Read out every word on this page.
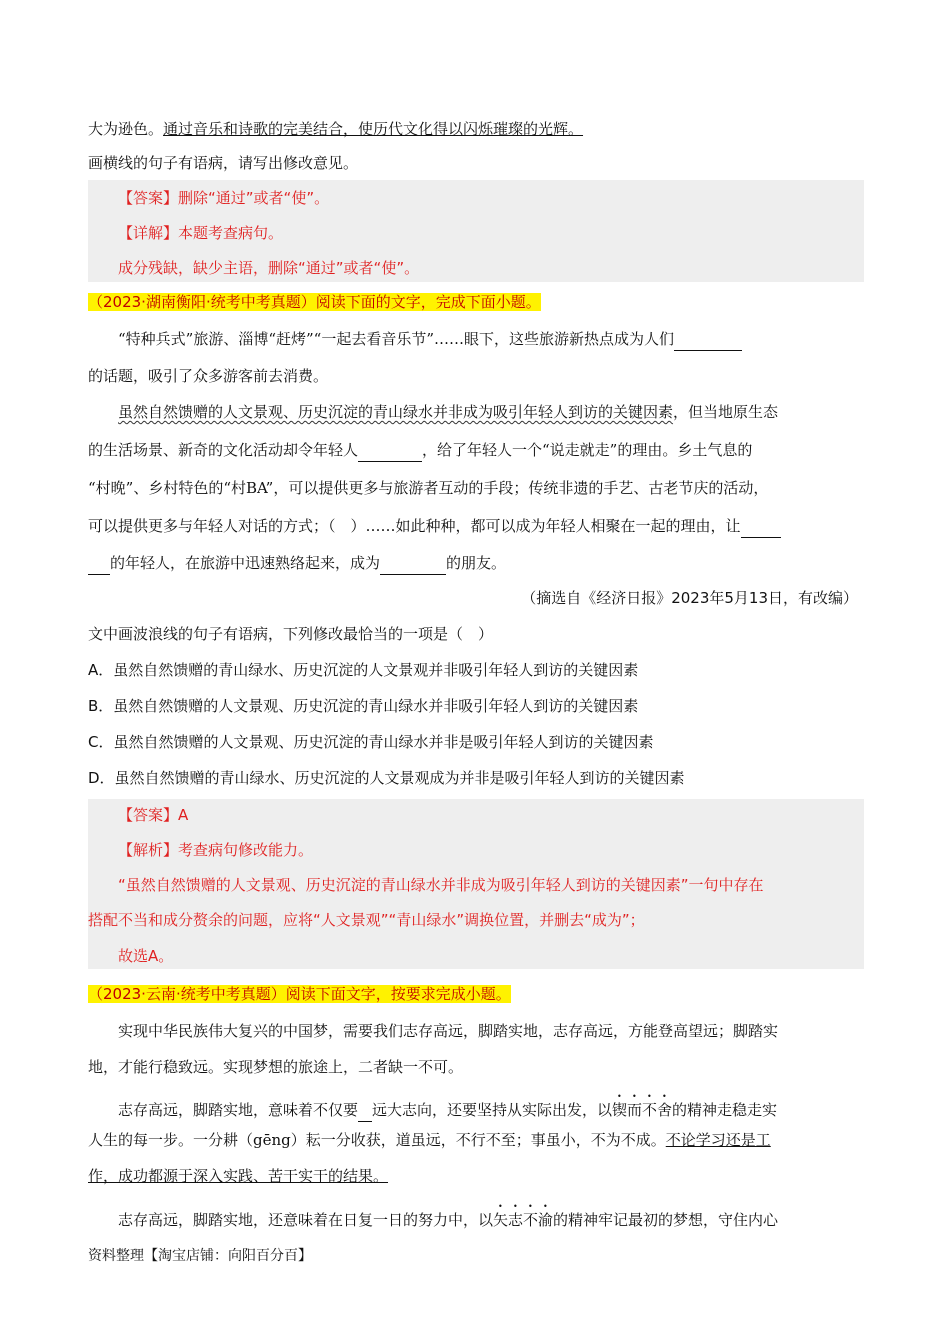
大为逊色。通过音乐和诗歌的完美结合，使历代文化得以闪烁璀璨的光辉。
画横线的句子有语病，请写出修改意见。
【答案】删除“通过”或者“使”。
【详解】本题考查病句。
成分残缺，缺少主语，删除“通过”或者“使”。
（2023·湖南衡阳·统考中考真题）阅读下面的文字，完成下面小题。
“特种兵式”旅游、淄博“赶烤”“一起去看音乐节”……眼下，这些旅游新热点成为人们
的话题，吸引了众多游客前去消费。
虽然自然馈赠的人文景观、历史沉淀的青山绿水并非成为吸引年轻人到访的关键因素，但当地原生态
的生活场景、新奇的文化活动却令年轻人	，给了年轻人一个“说走就走”的理由。乡土气息的
“村晚”、乡村特色的“村BA”，可以提供更多与旅游者互动的手段；传统非遗的手艺、古老节庆的活动，
可以提供更多与年轻人对话的方式；（　）……如此种种，都可以成为年轻人相聚在一起的理由，让
的年轻人，在旅游中迅速熟络起来，成为	的朋友。
（摘选自《经济日报》2023年5月13日，有改编）
文中画波浪线的句子有语病，下列修改最恰当的一项是（　）
A．虽然自然馈赠的青山绿水、历史沉淀的人文景观并非吸引年轻人到访的关键因素
B．虽然自然馈赠的人文景观、历史沉淀的青山绿水并非吸引年轻人到访的关键因素
C．虽然自然馈赠的人文景观、历史沉淀的青山绿水并非是吸引年轻人到访的关键因素
D．虽然自然馈赠的青山绿水、历史沉淀的人文景观成为并非是吸引年轻人到访的关键因素
【答案】A
【解析】考查病句修改能力。
“虽然自然馈赠的人文景观、历史沉淀的青山绿水并非成为吸引年轻人到访的关键因素”一句中存在
搭配不当和成分赘余的问题，应将“人文景观”“青山绿水”调换位置，并删去“成为”；
故选A。
（2023·云南·统考中考真题）阅读下面文字，按要求完成小题。
实现中华民族伟大复兴的中国梦，需要我们志存高远，脚踏实地，志存高远，方能登高望远；脚踏实
地，才能行稳致远。实现梦想的旅途上，二者缺一不可。
志存高远，脚踏实地，意味着不仅要 远大志向，还要坚持从实际出发，以锲而不舍的精神走稳走实
人生的每一步。一分耕（gēng）耘一分收获，道虽远，不行不至；事虽小，不为不成。不论学习还是工
作，成功都源于深入实践、苦干实干的结果。
志存高远，脚踏实地，还意味着在日复一日的努力中，以矢志不渝的精神牢记最初的梦想，守住内心
资料整理【淘宝店铺：向阳百分百】
